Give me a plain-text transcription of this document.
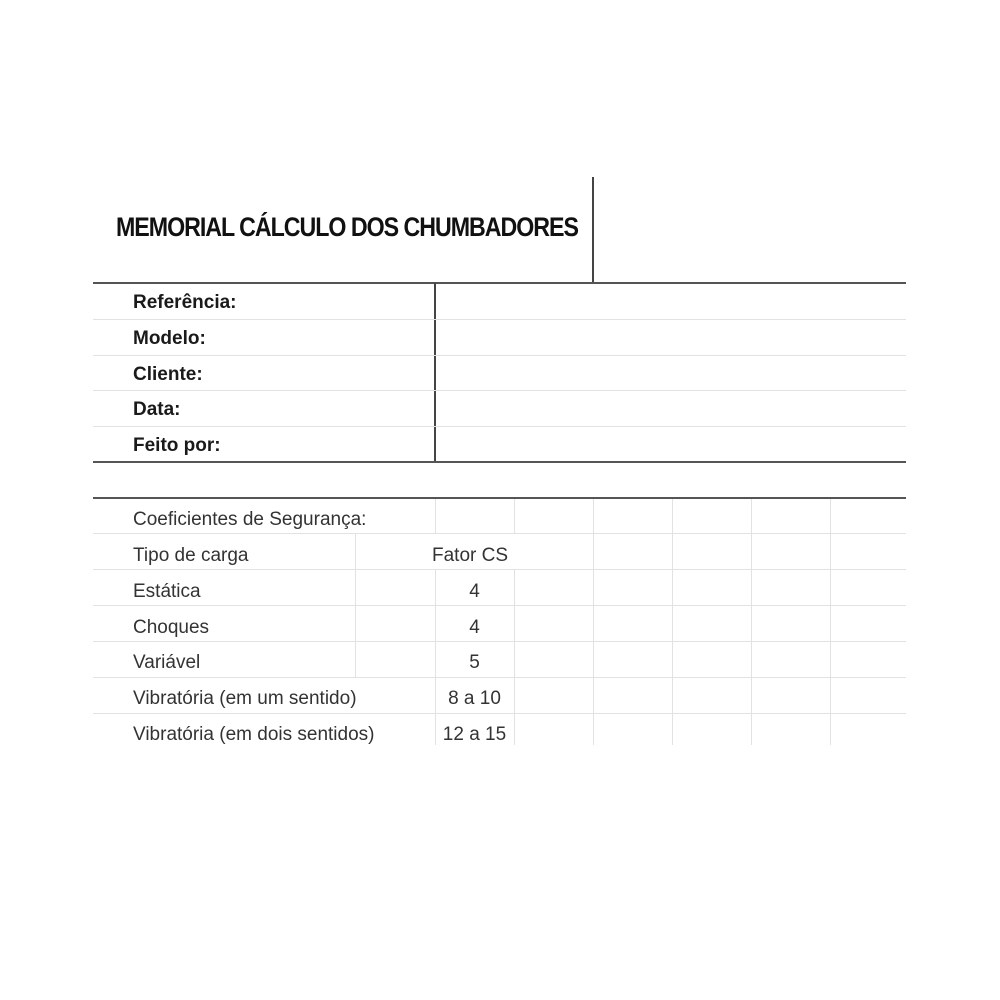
MEMORIAL CÁLCULO DOS CHUMBADORES
Referência:
Modelo:
Cliente:
Data:
Feito por:
Coeficientes de Segurança:
Tipo de carga	Fator CS
Estática	4
Choques	4
Variável	5
Vibratória (em um sentido)	8 a 10
Vibratória (em dois sentidos)	12 a 15
